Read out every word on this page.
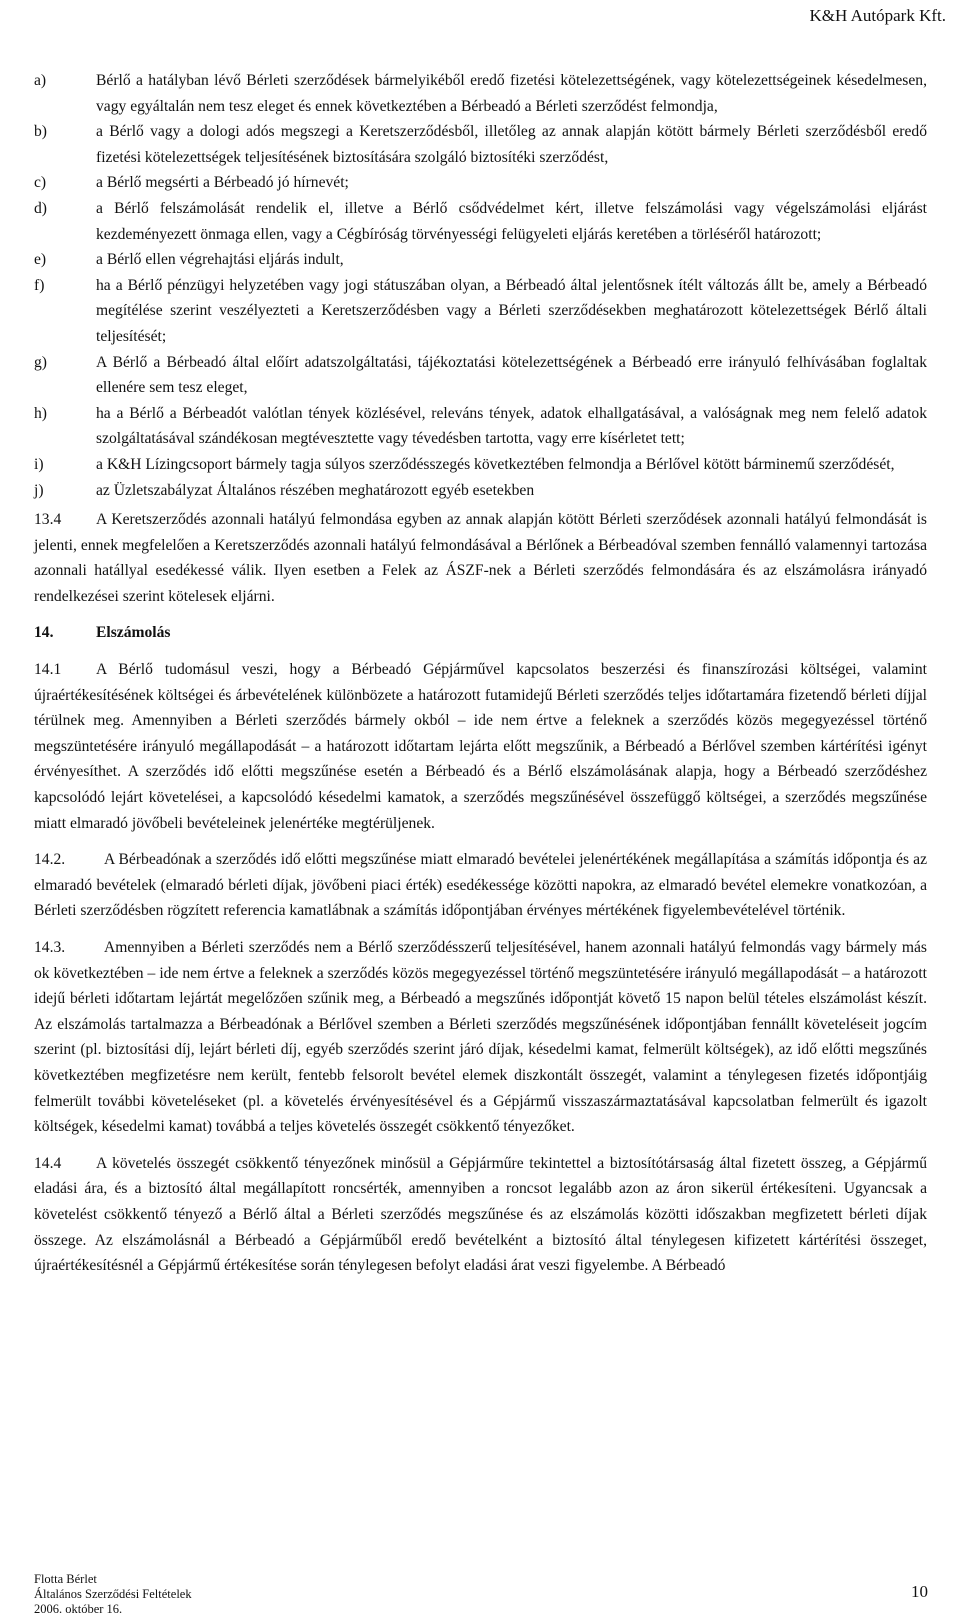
K&H Autópark Kft.
a)	Bérlő a hatályban lévő Bérleti szerződések bármelyikéből eredő fizetési kötelezettségének, vagy kötelezettségeinek késedelmesen, vagy egyáltalán nem tesz eleget és ennek következtében a Bérbeadó a Bérleti szerződést felmondja,
b)	a Bérlő vagy a dologi adós megszegi a Keretszerződésből, illetőleg az annak alapján kötött bármely Bérleti szerződésből eredő fizetési kötelezettségek teljesítésének biztosítására szolgáló biztosítéki szerződést,
c)	a Bérlő megsérti a Bérbeadó jó hírnevét;
d)	a Bérlő felszámolását rendelik el, illetve a Bérlő csődvédelmet kért, illetve felszámolási vagy végelszámolási eljárást kezdeményezett önmaga ellen, vagy a Cégbíróság törvényességi felügyeleti eljárás keretében a törléséről határozott;
e)	a Bérlő ellen végrehajtási eljárás indult,
f)	ha a Bérlő pénzügyi helyzetében vagy jogi státuszában olyan, a Bérbeadó által jelentősnek ítélt változás állt be, amely a Bérbeadó megítélése szerint veszélyezteti a Keretszerződésben vagy a Bérleti szerződésekben meghatározott kötelezettségek Bérlő általi teljesítését;
g)	A Bérlő a Bérbeadó által előírt adatszolgáltatási, tájékoztatási kötelezettségének a Bérbeadó erre irányuló felhívásában foglaltak ellenére sem tesz eleget,
h)	ha a Bérlő a Bérbeadót valótlan tények közlésével, releváns tények, adatok elhallgatásával, a valóságnak meg nem felelő adatok szolgáltatásával szándékosan megtévesztette vagy tévedésben tartotta, vagy erre kísérletet tett;
i)	a K&H Lízingcsoport bármely tagja súlyos szerződésszegés következtében felmondja a Bérlővel kötött bárminemű szerződését,
j)	az Üzletszabályzat Általános részében meghatározott egyéb esetekben

13.4 A Keretszerződés azonnali hatályú felmondása egyben az annak alapján kötött Bérleti szerződések azonnali hatályú felmondását is jelenti, ennek megfelelően a Keretszerződés azonnali hatályú felmondásával a Bérlőnek a Bérbeadóval szemben fennálló valamennyi tartozása azonnali hatállyal esedékessé válik. Ilyen esetben a Felek az ÁSZF-nek a Bérleti szerződés felmondására és az elszámolásra irányadó rendelkezései szerint kötelesek eljárni.

14.	Elszámolás

14.1 A Bérlő tudomásul veszi, hogy a Bérbeadó Gépjárművel kapcsolatos beszerzési és finanszírozási költségei, valamint újraértékesítésének költségei és árbevételének különbözete a határozott futamidejű Bérleti szerződés teljes időtartamára fizetendő bérleti díjjal térülnek meg. Amennyiben a Bérleti szerződés bármely okból – ide nem értve a feleknek a szerződés közös megegyezéssel történő megszüntetésére irányuló megállapodását – a határozott időtartam lejárta előtt megszűnik, a Bérbeadó a Bérlővel szemben kártérítési igényt érvényesíthet. A szerződés idő előtti megszűnése esetén a Bérbeadó és a Bérlő elszámolásának alapja, hogy a Bérbeadó szerződéshez kapcsolódó lejárt követelései, a kapcsolódó késedelmi kamatok, a szerződés megszűnésével összefüggő költségei, a szerződés megszűnése miatt elmaradó jövőbeli bevételeinek jelenértéke megtérüljenek.

14.2. A Bérbeadónak a szerződés idő előtti megszűnése miatt elmaradó bevételei jelenértékének megállapítása a számítás időpontja és az elmaradó bevételek (elmaradó bérleti díjak, jövőbeni piaci érték) esedékessége közötti napokra, az elmaradó bevétel elemekre vonatkozóan, a Bérleti szerződésben rögzített referencia kamatlábnak a számítás időpontjában érvényes mértékének figyelembevételével történik.

14.3. Amennyiben a Bérleti szerződés nem a Bérlő szerződésszerű teljesítésével, hanem azonnali hatályú felmondás vagy bármely más ok következtében – ide nem értve a feleknek a szerződés közös megegyezéssel történő megszüntetésére irányuló megállapodását – a határozott idejű bérleti időtartam lejártát megelőzően szűnik meg, a Bérbeadó a megszűnés időpontját követő 15 napon belül tételes elszámolást készít. Az elszámolás tartalmazza a Bérbeadónak a Bérlővel szemben a Bérleti szerződés megszűnésének időpontjában fennállt követeléseit jogcím szerint (pl. biztosítási díj, lejárt bérleti díj, egyéb szerződés szerint járó díjak, késedelmi kamat, felmerült költségek), az idő előtti megszűnés következtében megfizetésre nem került, fentebb felsorolt bevétel elemek diszkontált összegét, valamint a ténylegesen fizetés időpontjáig felmerült további követeléseket (pl. a követelés érvényesítésével és a Gépjármű visszaszármaztatásával kapcsolatban felmerült és igazolt költségek, késedelmi kamat) továbbá a teljes követelés összegét csökkentő tényezőket.

14.4 A követelés összegét csökkentő tényezőnek minősül a Gépjárműre tekintettel a biztosítótársaság által fizetett összeg, a Gépjármű eladási ára, és a biztosító által megállapított roncsérték, amennyiben a roncsot legalább azon az áron sikerül értékesíteni. Ugyancsak a követelést csökkentő tényező a Bérlő által a Bérleti szerződés megszűnése és az elszámolás közötti időszakban megfizetett bérleti díjak összege. Az elszámolásnál a Bérbeadó a Gépjárműből eredő bevételként a biztosító által ténylegesen kifizetett kártérítési összeget, újraértékesítésnél a Gépjármű értékesítése során ténylegesen befolyt eladási árat veszi figyelembe. A Bérbeadó

Flotta Bérlet
Általános Szerződési Feltételek
2006. október 16.
10
